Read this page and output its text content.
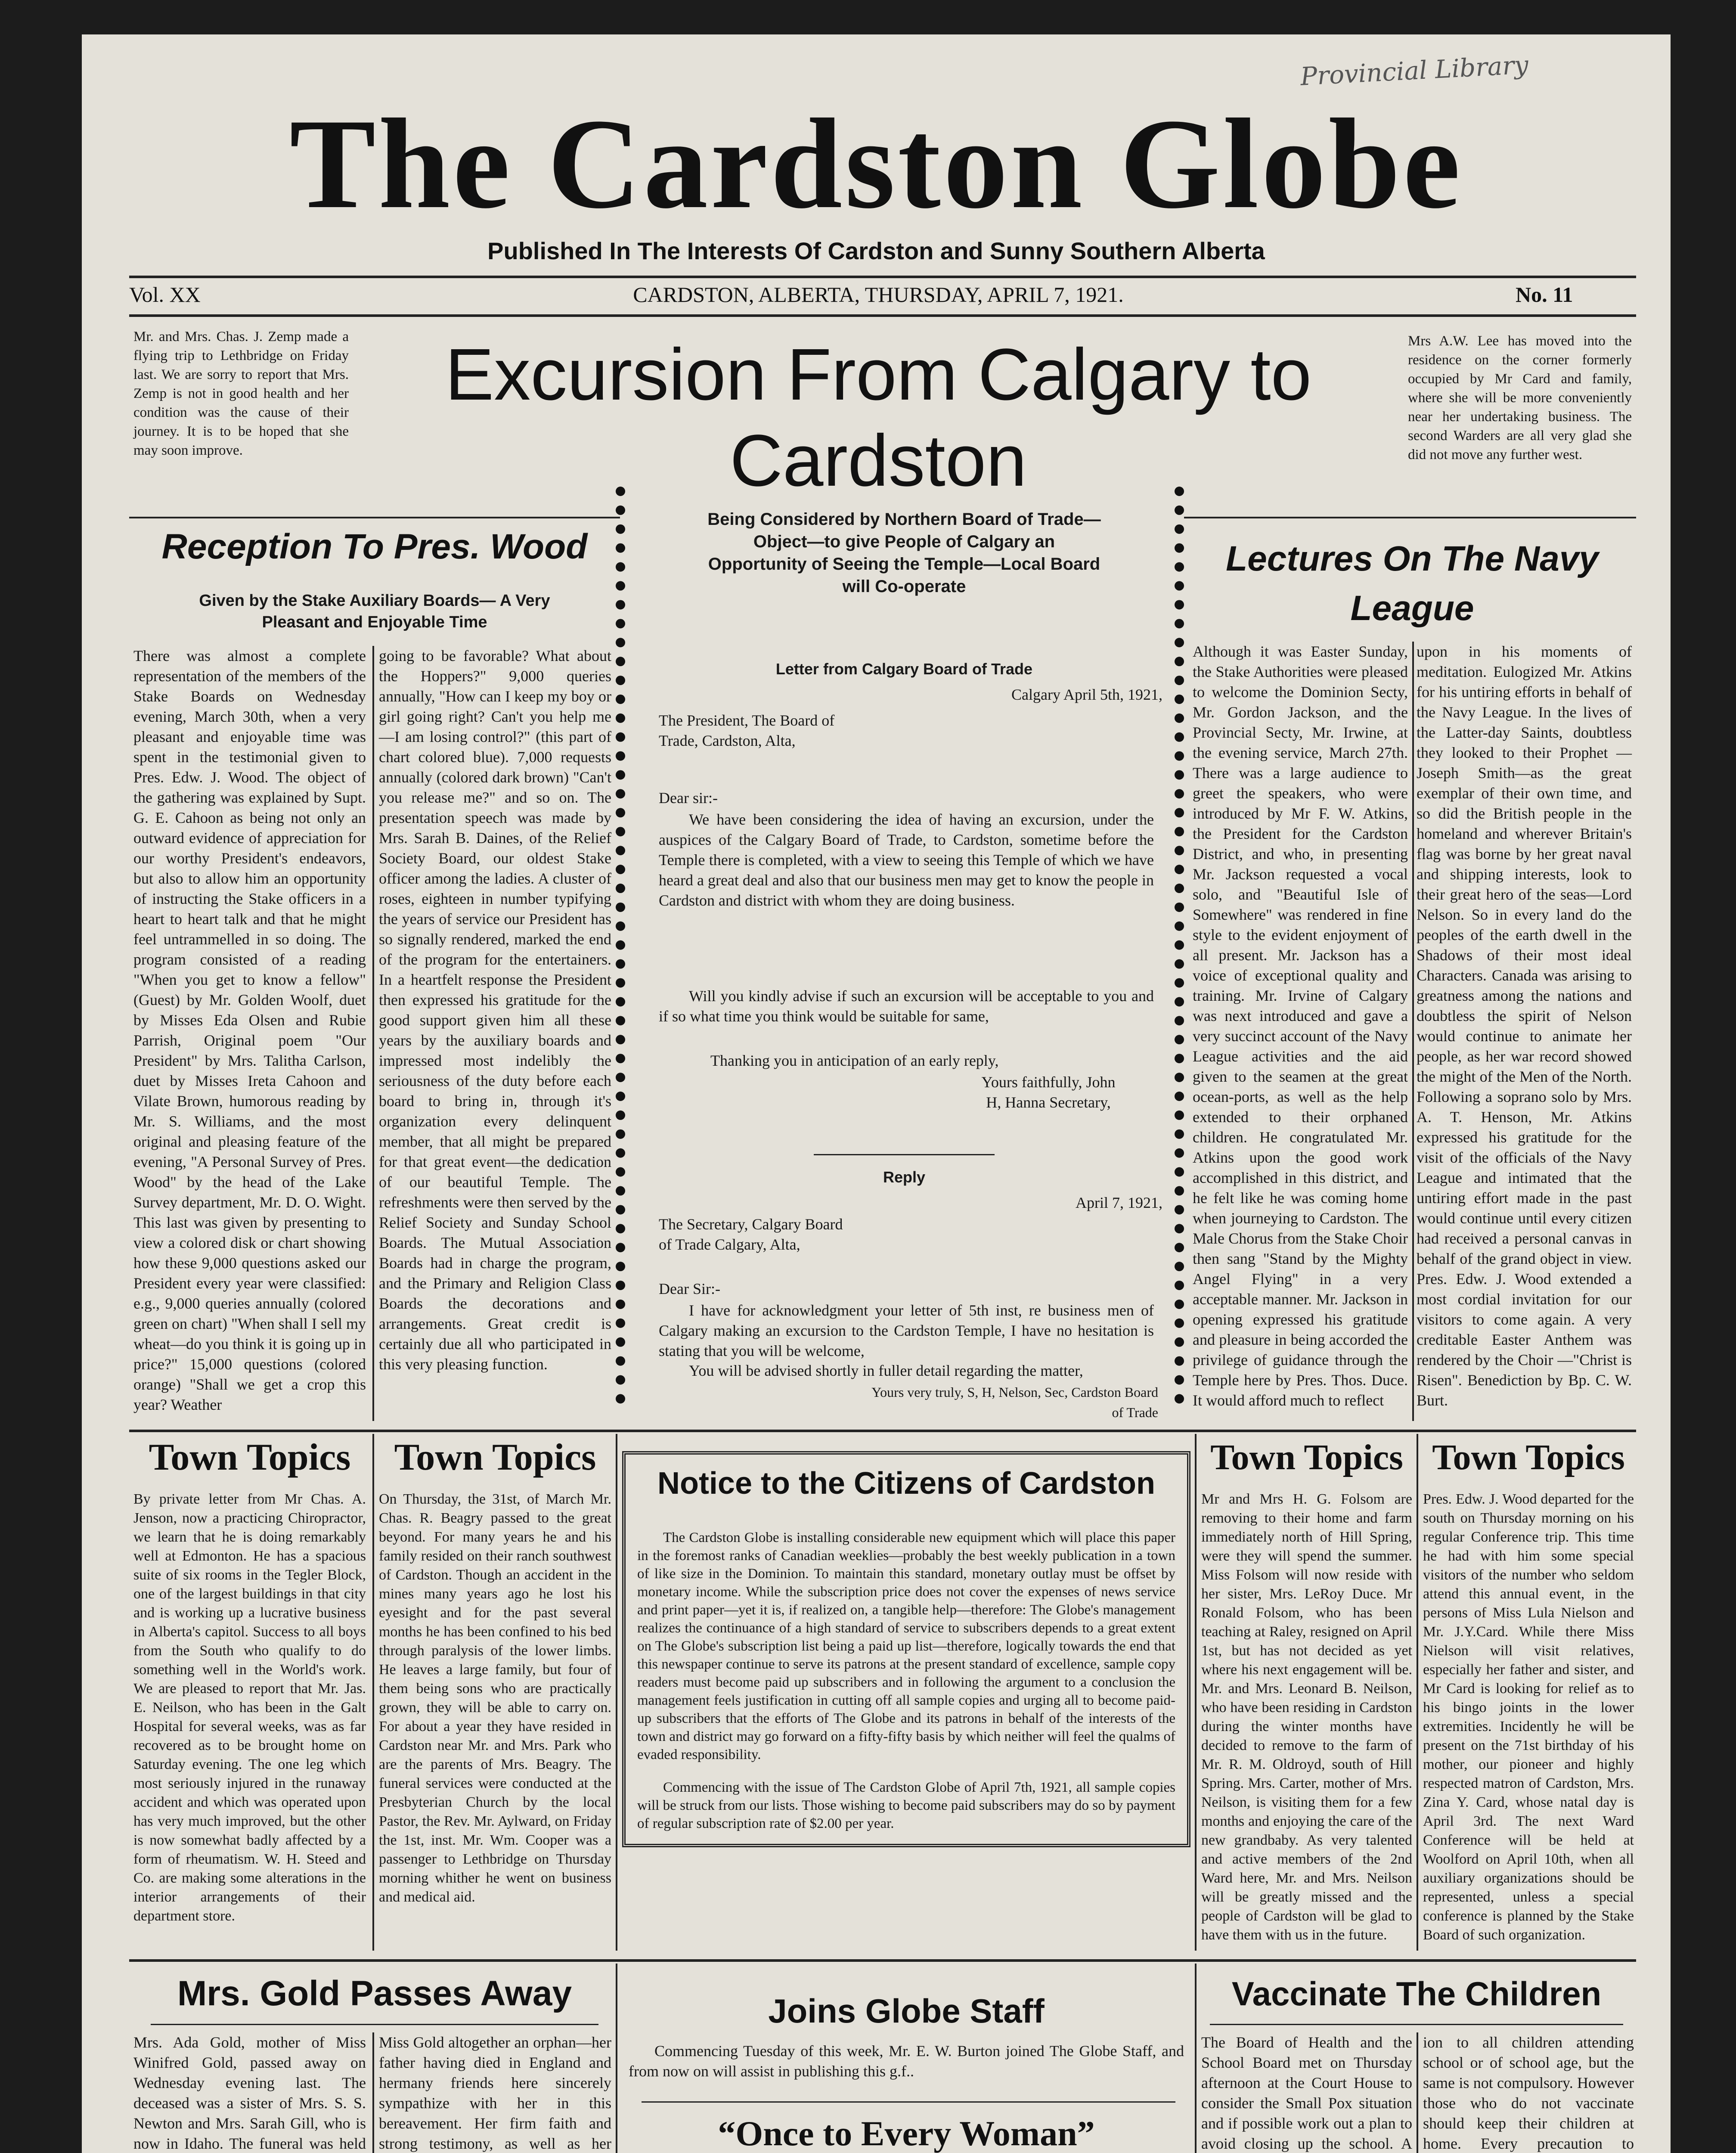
Provincial Library
The Cardston Globe
Published In The Interests Of Cardston and Sunny Southern Alberta
Vol. XX	CARDSTON, ALBERTA, THURSDAY, APRIL 7, 1921.	No. 11
Mr. and Mrs. Chas. J. Zemp made a flying trip to Lethbridge on Friday last. We are sorry to report that Mrs. Zemp is not in good health and her condition was the cause of their journey. It is to be hoped that she may soon improve.
Mrs A.W. Lee has moved into the residence on the corner formerly occupied by Mr Card and family, where she will be more conveniently near her undertaking business. The second Warders are all very glad she did not move any further west.
Excursion From Calgary to Cardston
Reception To Pres. Wood
Given by the Stake Auxiliary Boards— A Very Pleasant and Enjoyable Time
There was almost a complete representation of the members of the Stake Boards on Wednesday evening, March 30th, when a very pleasant and enjoyable time was spent in the testimonial given to Pres. Edw. J. Wood. The object of the gathering was explained by Supt. G. E. Cahoon as being not only an outward evidence of appreciation for our worthy President's endeavors, but also to allow him an opportunity of instructing the Stake officers in a heart to heart talk and that he might feel untrammelled in so doing. The program consisted of a reading "When you get to know a fellow" (Guest) by Mr. Golden Woolf, duet by Misses Eda Olsen and Rubie Parrish, Original poem "Our President" by Mrs. Talitha Carlson, duet by Misses Ireta Cahoon and Vilate Brown, humorous reading by Mr. S. Williams, and the most original and pleasing feature of the evening, "A Personal Survey of Pres. Wood" by the head of the Lake Survey department, Mr. D. O. Wight. This last was given by presenting to view a colored disk or chart showing how these 9,000 questions asked our President every year were classified: e.g., 9,000 queries annually (colored green on chart) "When shall I sell my wheat—do you think it is going up in price?" 15,000 questions (colored orange) "Shall we get a crop this year? Weather
going to be favorable? What about the Hoppers?" 9,000 queries annually, "How can I keep my boy or girl going right? Can't you help me—I am losing control?" (this part of chart colored blue). 7,000 requests annually (colored dark brown) "Can't you release me?" and so on. The presentation speech was made by Mrs. Sarah B. Daines, of the Relief Society Board, our oldest Stake officer among the ladies. A cluster of roses, eighteen in number typifying the years of service our President has so signally rendered, marked the end of the program for the entertainers. In a heartfelt response the President then expressed his gratitude for the good support given him all these years by the auxiliary boards and impressed most indelibly the seriousness of the duty before each board to bring in, through it's organization every delinquent member, that all might be prepared for that great event—the dedication of our beautiful Temple. The refreshments were then served by the Relief Society and Sunday School Boards. The Mutual Association Boards had in charge the program, and the Primary and Religion Class Boards the decorations and arrangements. Great credit is certainly due all who participated in this very pleasing function.
Being Considered by Northern Board of Trade—Object—to give People of Calgary an Opportunity of Seeing the Temple—Local Board will Co-operate
Letter from Calgary Board of Trade
Calgary April 5th, 1921,
The President, The Board of Trade, Cardston, Alta,
Dear sir:-
We have been considering the idea of having an excursion, under the auspices of the Calgary Board of Trade, to Cardston, sometime before the Temple there is completed, with a view to seeing this Temple of which we have heard a great deal and also that our business men may get to know the people in Cardston and district with whom they are doing business.
Will you kindly advise if such an excursion will be acceptable to you and if so what time you think would be suitable for same,
Thanking you in anticipation of an early reply,
Yours faithfully, John H, Hanna Secretary,
Reply
April 7, 1921,
The Secretary, Calgary Board of Trade Calgary, Alta,
Dear Sir:-
I have for acknowledgment your letter of 5th inst, re business men of Calgary making an excursion to the Cardston Temple, I have no hesitation is stating that you will be welcome,
You will be advised shortly in fuller detail regarding the matter,
Yours very truly, S, H, Nelson, Sec, Cardston Board of Trade
Lectures On The Navy League
Although it was Easter Sunday, the Stake Authorities were pleased to welcome the Dominion Secty, Mr. Gordon Jackson, and the Provincial Secty, Mr. Irwine, at the evening service, March 27th. There was a large audience to greet the speakers, who were introduced by Mr F. W. Atkins, the President for the Cardston District, and who, in presenting Mr. Jackson requested a vocal solo, and "Beautiful Isle of Somewhere" was rendered in fine style to the evident enjoyment of all present. Mr. Jackson has a voice of exceptional quality and training. Mr. Irvine of Calgary was next introduced and gave a very succinct account of the Navy League activities and the aid given to the seamen at the great ocean-ports, as well as the help extended to their orphaned children. He congratulated Mr. Atkins upon the good work accomplished in this district, and he felt like he was coming home when journeying to Cardston. The Male Chorus from the Stake Choir then sang "Stand by the Mighty Angel Flying" in a very acceptable manner. Mr. Jackson in opening expressed his gratitude and pleasure in being accorded the privilege of guidance through the Temple here by Pres. Thos. Duce. It would afford much to reflect
upon in his moments of meditation. Eulogized Mr. Atkins for his untiring efforts in behalf of the Navy League. In the lives of the Latter-day Saints, doubtless they looked to their Prophet —Joseph Smith—as the great exemplar of their own time, and so did the British people in the homeland and wherever Britain's flag was borne by her great naval and shipping interests, look to their great hero of the seas—Lord Nelson. So in every land do the peoples of the earth dwell in the Shadows of their most ideal Characters. Canada was arising to greatness among the nations and doubtless the spirit of Nelson would continue to animate her people, as her war record showed the might of the Men of the North. Following a soprano solo by Mrs. A. T. Henson, Mr. Atkins expressed his gratitude for the visit of the officials of the Navy League and intimated that the untiring effort made in the past would continue until every citizen had received a personal canvas in behalf of the grand object in view. Pres. Edw. J. Wood extended a most cordial invitation for our visitors to come again. A very creditable Easter Anthem was rendered by the Choir —"Christ is Risen". Benediction by Bp. C. W. Burt.
Town Topics
By private letter from Mr Chas. A. Jenson, now a practicing Chiropractor, we learn that he is doing remarkably well at Edmonton. He has a spacious suite of six rooms in the Tegler Block, one of the largest buildings in that city and is working up a lucrative business in Alberta's capitol. Success to all boys from the South who qualify to do something well in the World's work. We are pleased to report that Mr. Jas. E. Neilson, who has been in the Galt Hospital for several weeks, was as far recovered as to be brought home on Saturday evening. The one leg which most seriously injured in the runaway accident and which was operated upon has very much improved, but the other is now somewhat badly affected by a form of rheumatism. W. H. Steed and Co. are making some alterations in the interior arrangements of their department store.
Town Topics
On Thursday, the 31st, of March Mr. Chas. R. Beagry passed to the great beyond. For many years he and his family resided on their ranch southwest of Cardston. Though an accident in the mines many years ago he lost his eyesight and for the past several months he has been confined to his bed through paralysis of the lower limbs. He leaves a large family, but four of them being sons who are practically grown, they will be able to carry on. For about a year they have resided in Cardston near Mr. and Mrs. Park who are the parents of Mrs. Beagry. The funeral services were conducted at the Presbyterian Church by the local Pastor, the Rev. Mr. Aylward, on Friday the 1st, inst. Mr. Wm. Cooper was a passenger to Lethbridge on Thursday morning whither he went on business and medical aid.
Notice to the Citizens of Cardston
The Cardston Globe is installing considerable new equipment which will place this paper in the foremost ranks of Canadian weeklies—probably the best weekly publication in a town of like size in the Dominion. To maintain this standard, monetary outlay must be offset by monetary income. While the subscription price does not cover the expenses of news service and print paper—yet it is, if realized on, a tangible help—therefore: The Globe's management realizes the continuance of a high standard of service to subscribers depends to a great extent on The Globe's subscription list being a paid up list—therefore, logically towards the end that this newspaper continue to serve its patrons at the present standard of excellence, sample copy readers must become paid up subscribers and in following the argument to a conclusion the management feels justification in cutting off all sample copies and urging all to become paid-up subscribers that the efforts of The Globe and its patrons in behalf of the interests of the town and district may go forward on a fifty-fifty basis by which neither will feel the qualms of evaded responsibility.
Commencing with the issue of The Cardston Globe of April 7th, 1921, all sample copies will be struck from our lists. Those wishing to become paid subscribers may do so by payment of regular subscription rate of $2.00 per year.
Town Topics
Mr and Mrs H. G. Folsom are removing to their home and farm immediately north of Hill Spring, were they will spend the summer. Miss Folsom will now reside with her sister, Mrs. LeRoy Duce. Mr Ronald Folsom, who has been teaching at Raley, resigned on April 1st, but has not decided as yet where his next engagement will be. Mr. and Mrs. Leonard B. Neilson, who have been residing in Cardston during the winter months have decided to remove to the farm of Mr. R. M. Oldroyd, south of Hill Spring. Mrs. Carter, mother of Mrs. Neilson, is visiting them for a few months and enjoying the care of the new grandbaby. As very talented and active members of the 2nd Ward here, Mr. and Mrs. Neilson will be greatly missed and the people of Cardston will be glad to have them with us in the future.
Town Topics
Pres. Edw. J. Wood departed for the south on Thursday morning on his regular Conference trip. This time he had with him some special visitors of the number who seldom attend this annual event, in the persons of Miss Lula Nielson and Mr. J.Y.Card. While there Miss Nielson will visit relatives, especially her father and sister, and Mr Card is looking for relief as to his bingo joints in the lower extremities. Incidently he will be present on the 71st birthday of his mother, our pioneer and highly respected matron of Cardston, Mrs. Zina Y. Card, whose natal day is April 3rd. The next Ward Conference will be held at Woolford on April 10th, when all auxiliary organizations should be represented, unless a special conference is planned by the Stake Board of such organization.
Mrs. Gold Passes Away
Mrs. Ada Gold, mother of Miss Winifred Gold, passed away on Wednesday evening last. The deceased was a sister of Mrs. S. S. Newton and Mrs. Sarah Gill, who is now in Idaho. The funeral was held
Miss Gold altogether an orphan—her father having died in England and hermany friends here sincerely sympathize with her in this bereavement. Her firm faith and strong testimony, as well as her
Joins Globe Staff
Commencing Tuesday of this week, Mr. E. W. Burton joined The Globe Staff, and from now on will assist in publishing this g.f..
“Once to Every Woman”
Vaccinate The Children
The Board of Health and the School Board met on Thursday afternoon at the Court House to consider the Small Pox situation and if possible work out a plan to avoid closing up the school. A
ion to all children attending school or of school age, but the same is not compulsory. However those who do not vaccinate should keep their children at home. Every precaution to
